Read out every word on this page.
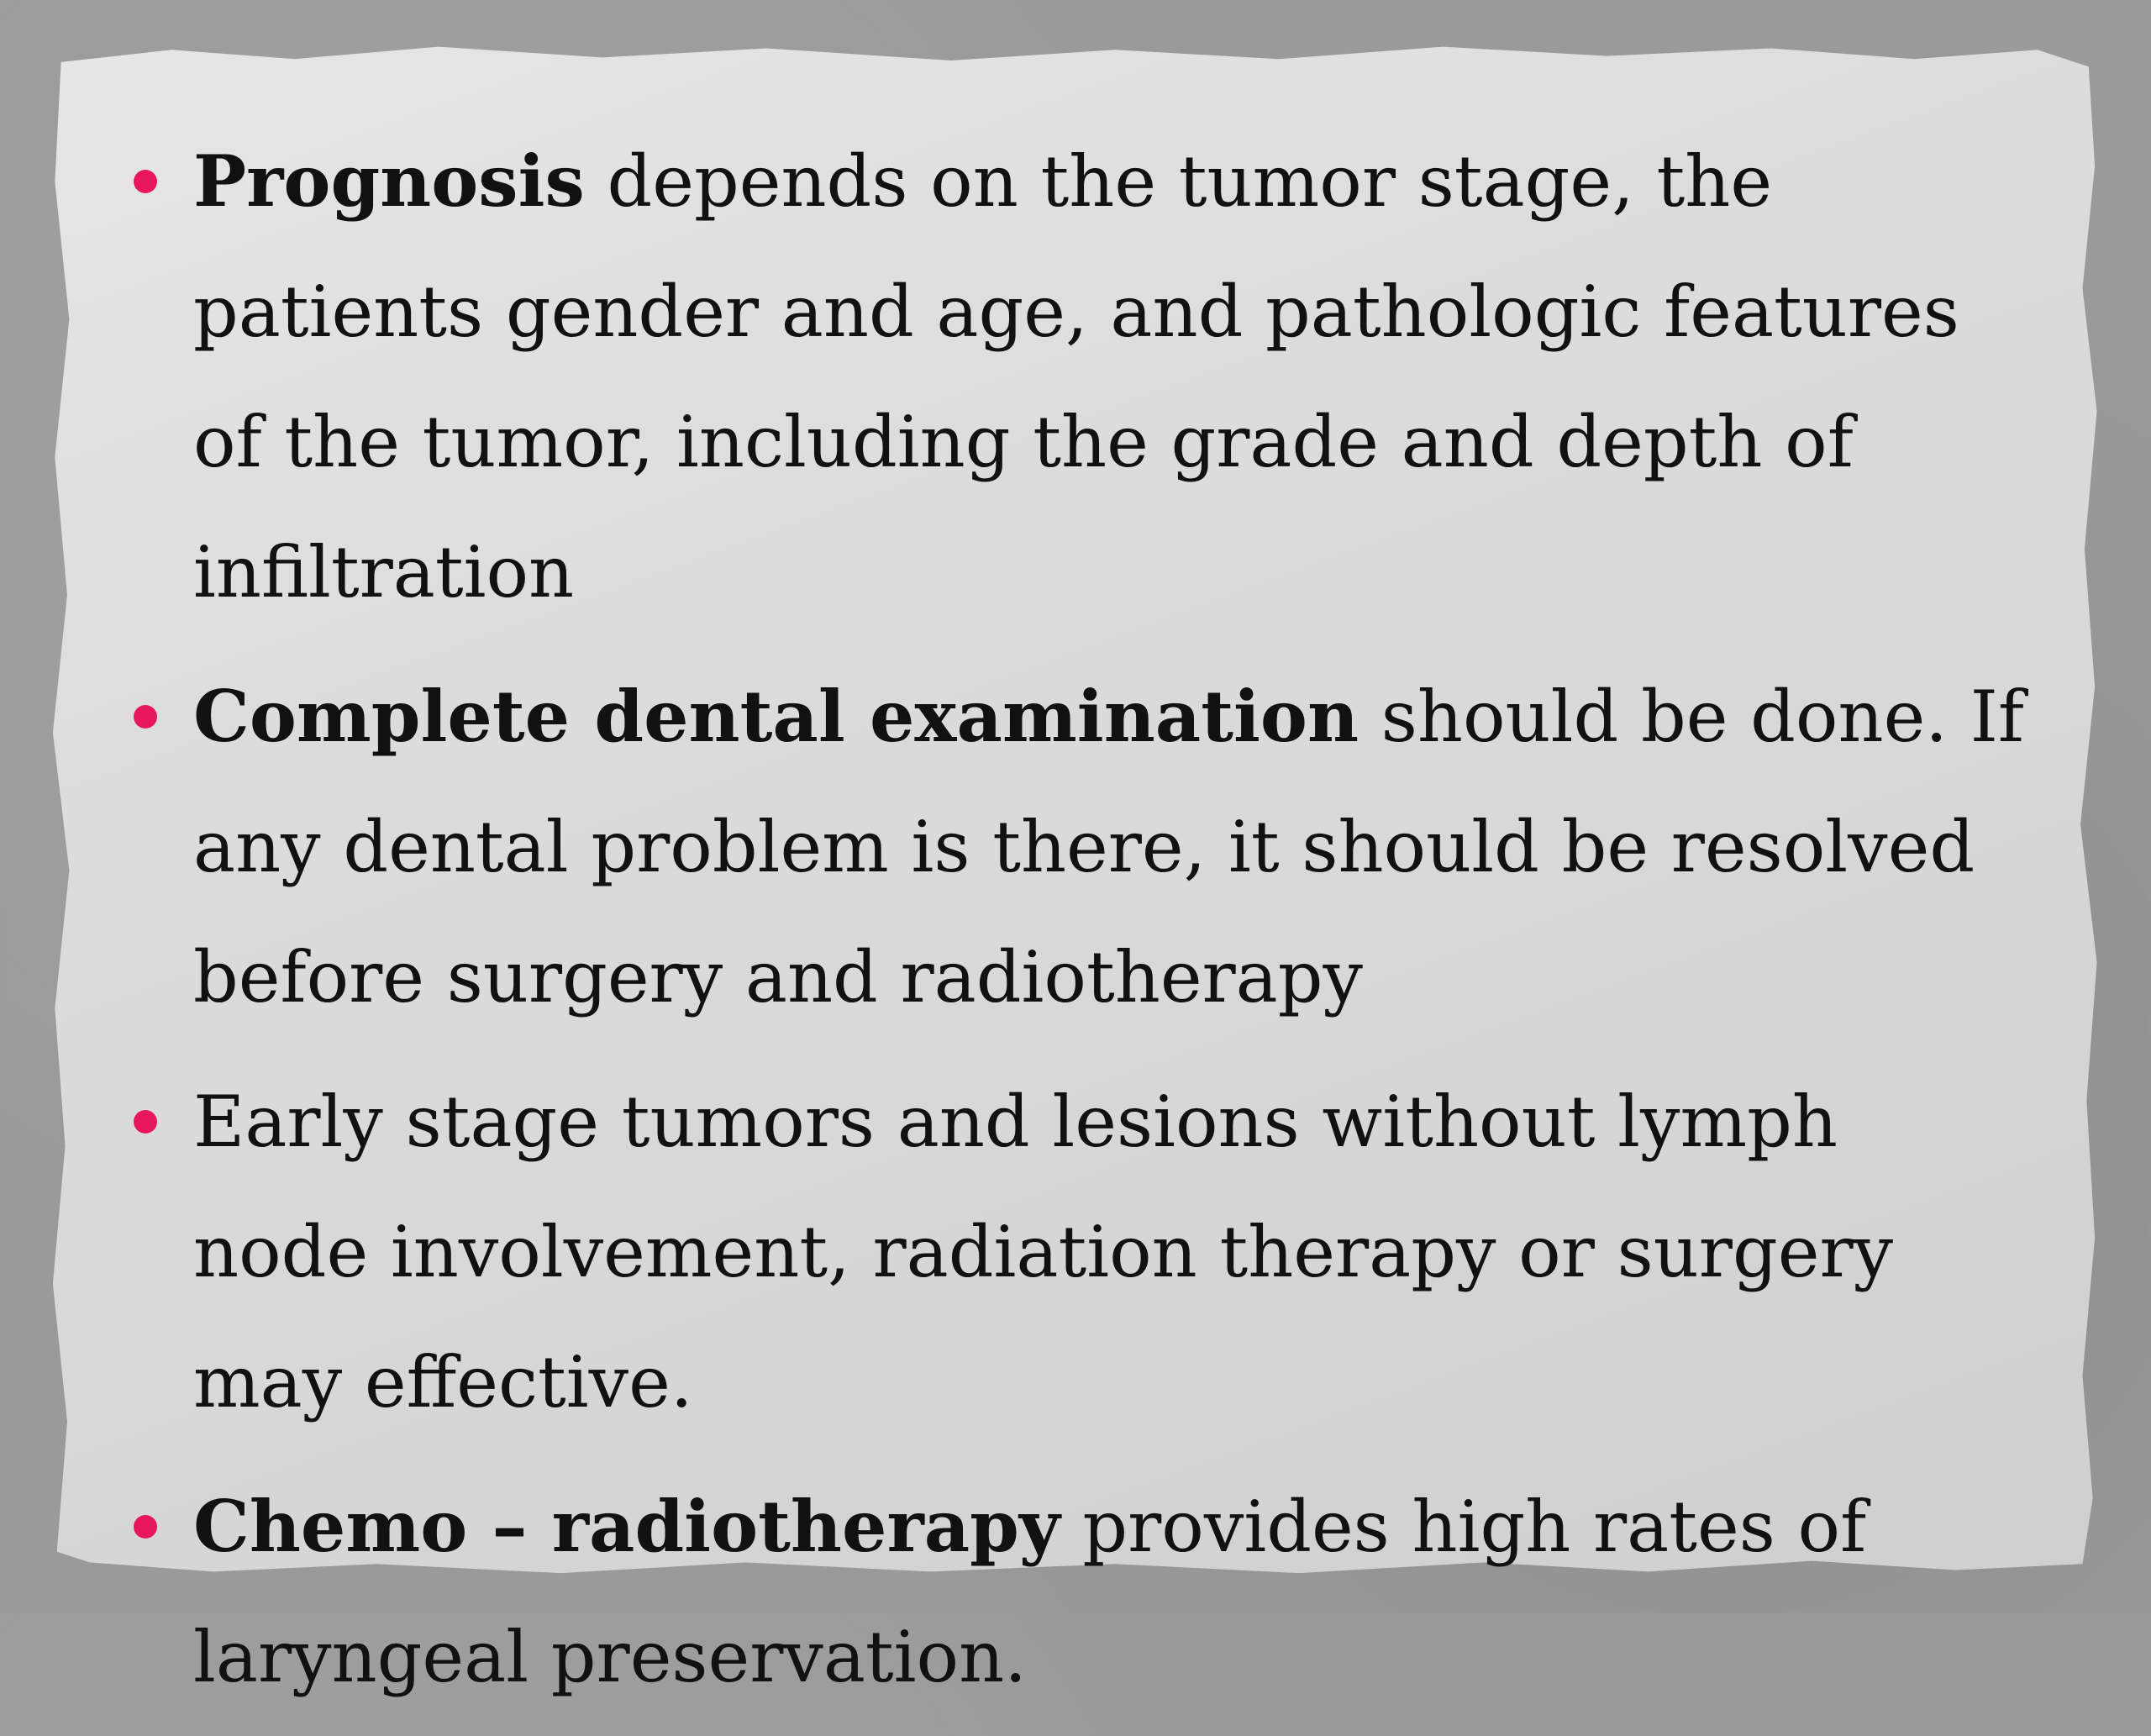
Prognosis depends on the tumor stage, the patients gender and age, and pathologic features of the tumor, including the grade and depth of infiltration
Complete dental examination should be done. If any dental problem is there, it should be resolved before surgery and radiotherapy
Early stage tumors and lesions without lymph node involvement, radiation therapy or surgery may effective.
Chemo – radiotherapy provides high rates of laryngeal preservation.
